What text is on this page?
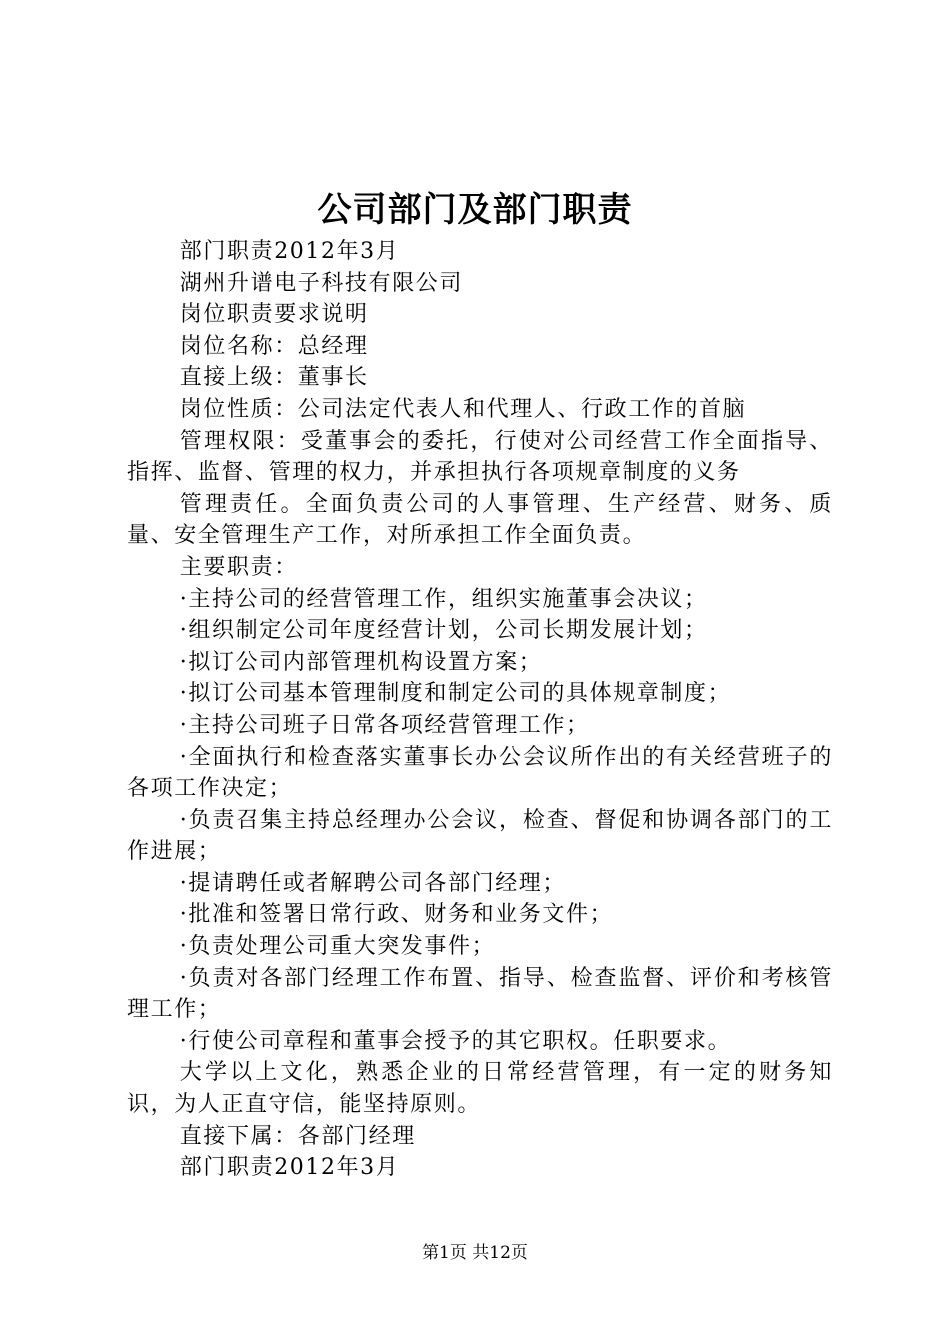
公司部门及部门职责

部门职责2012年3月

湖州升谱电子科技有限公司

岗位职责要求说明

岗位名称：总经理

直接上级：董事长

岗位性质：公司法定代表人和代理人、行政工作的首脑

管理权限：受董事会的委托，行使对公司经营工作全面指导、指挥、监督、管理的权力，并承担执行各项规章制度的义务

管理责任。全面负责公司的人事管理、生产经营、财务、质量、安全管理生产工作，对所承担工作全面负责。

主要职责：

·主持公司的经营管理工作，组织实施董事会决议；

·组织制定公司年度经营计划，公司长期发展计划；

·拟订公司内部管理机构设置方案；

·拟订公司基本管理制度和制定公司的具体规章制度；

·主持公司班子日常各项经营管理工作；

·全面执行和检查落实董事长办公会议所作出的有关经营班子的各项工作决定；

·负责召集主持总经理办公会议，检查、督促和协调各部门的工作进展；

·提请聘任或者解聘公司各部门经理；

·批准和签署日常行政、财务和业务文件；

·负责处理公司重大突发事件；

·负责对各部门经理工作布置、指导、检查监督、评价和考核管理工作；

·行使公司章程和董事会授予的其它职权。任职要求。

大学以上文化，熟悉企业的日常经营管理，有一定的财务知识，为人正直守信，能坚持原则。

直接下属：各部门经理

部门职责2012年3月

第1页 共12页
